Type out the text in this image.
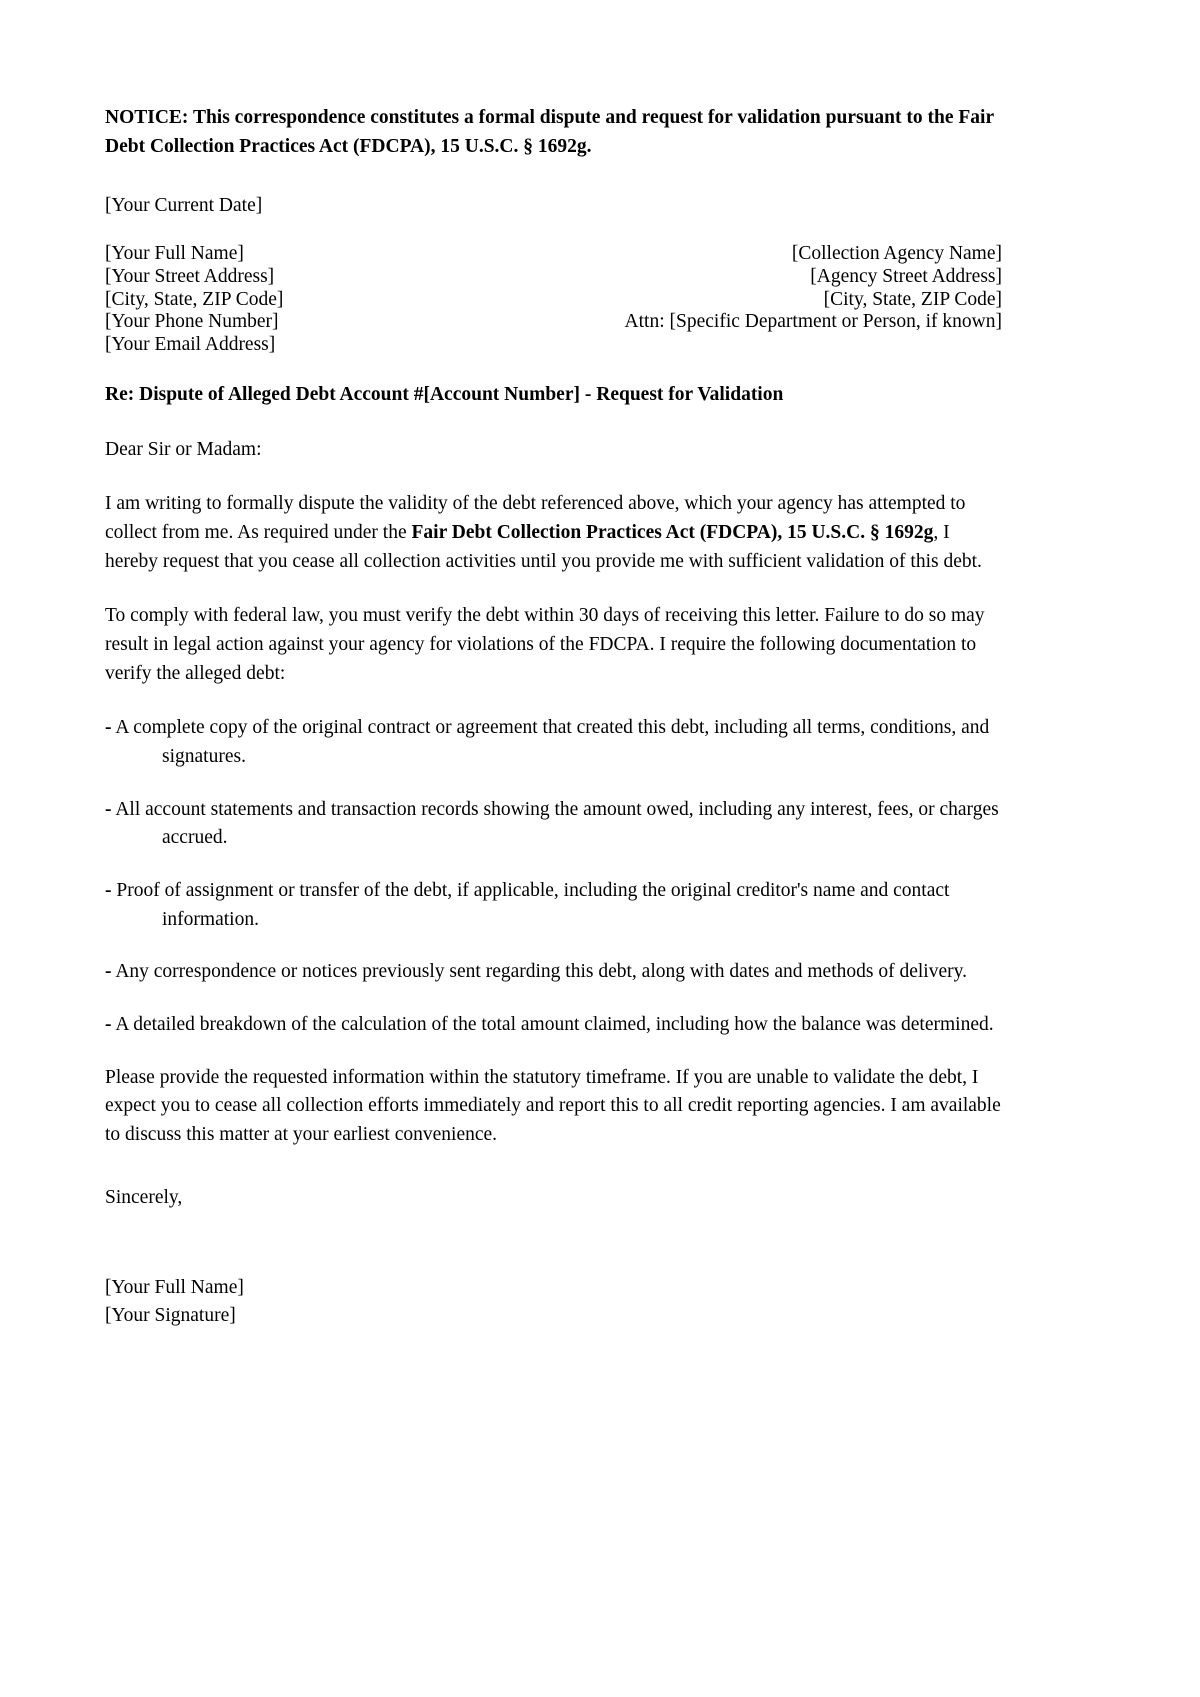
NOTICE: This correspondence constitutes a formal dispute and request for validation pursuant to the Fair Debt Collection Practices Act (FDCPA), 15 U.S.C. § 1692g.
[Your Current Date]
[Your Full Name]
[Your Street Address]
[City, State, ZIP Code]
[Your Phone Number]
[Your Email Address]
[Collection Agency Name]
[Agency Street Address]
[City, State, ZIP Code]
Attn: [Specific Department or Person, if known]
Re: Dispute of Alleged Debt Account #[Account Number] - Request for Validation
Dear Sir or Madam:

I am writing to formally dispute the validity of the debt referenced above, which your agency has attempted to collect from me. As required under the Fair Debt Collection Practices Act (FDCPA), 15 U.S.C. § 1692g, I hereby request that you cease all collection activities until you provide me with sufficient validation of this debt.

To comply with federal law, you must verify the debt within 30 days of receiving this letter. Failure to do so may result in legal action against your agency for violations of the FDCPA. I require the following documentation to verify the alleged debt:

- A complete copy of the original contract or agreement that created this debt, including all terms, conditions, and signatures.
- All account statements and transaction records showing the amount owed, including any interest, fees, or charges accrued.
- Proof of assignment or transfer of the debt, if applicable, including the original creditor's name and contact information.
- Any correspondence or notices previously sent regarding this debt, along with dates and methods of delivery.
- A detailed breakdown of the calculation of the total amount claimed, including how the balance was determined.

Please provide the requested information within the statutory timeframe. If you are unable to validate the debt, I expect you to cease all collection efforts immediately and report this to all credit reporting agencies. I am available to discuss this matter at your earliest convenience.

Sincerely,
[Your Full Name]
[Your Signature]
